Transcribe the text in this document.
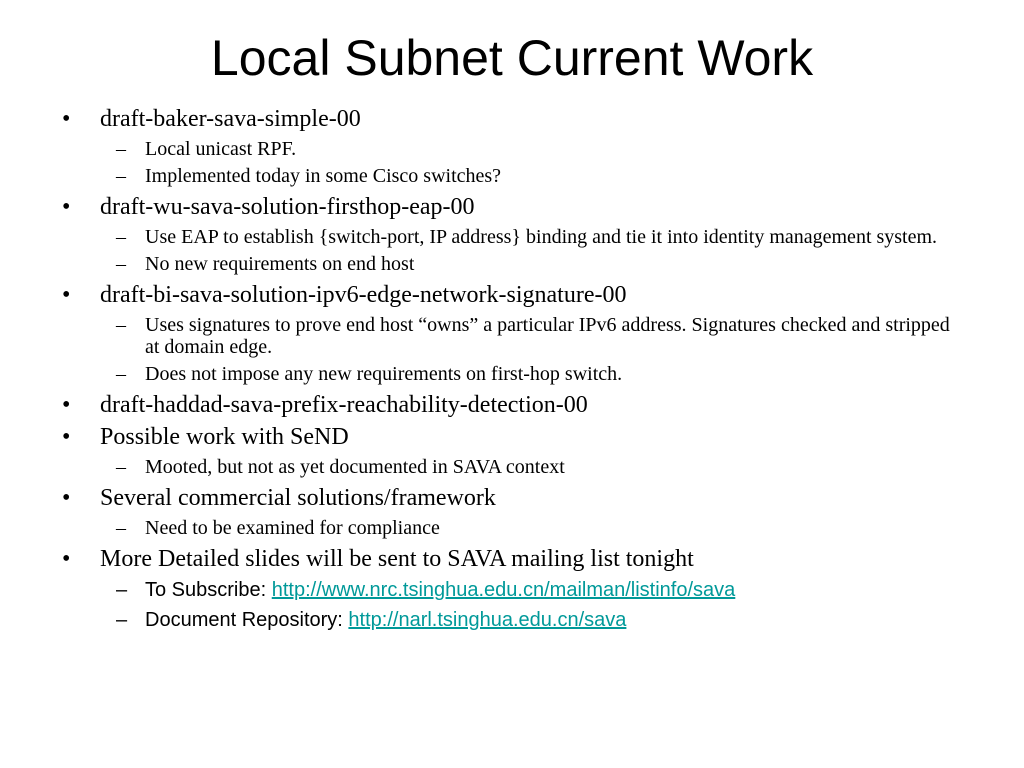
Local Subnet Current Work
• draft-baker-sava-simple-00
– Local unicast RPF.
– Implemented today in some Cisco switches?
• draft-wu-sava-solution-firsthop-eap-00
– Use EAP to establish {switch-port, IP address} binding and tie it into identity management system.
– No new requirements on end host
• draft-bi-sava-solution-ipv6-edge-network-signature-00
– Uses signatures to prove end host “owns” a particular IPv6 address. Signatures checked and stripped at domain edge.
– Does not impose any new requirements on first-hop switch.
• draft-haddad-sava-prefix-reachability-detection-00
• Possible work with SeND
– Mooted, but not as yet documented in SAVA context
• Several commercial solutions/framework
– Need to be examined for compliance
• More Detailed slides will be sent to SAVA mailing list tonight
– To Subscribe: http://www.nrc.tsinghua.edu.cn/mailman/listinfo/sava
– Document Repository: http://narl.tsinghua.edu.cn/sava
